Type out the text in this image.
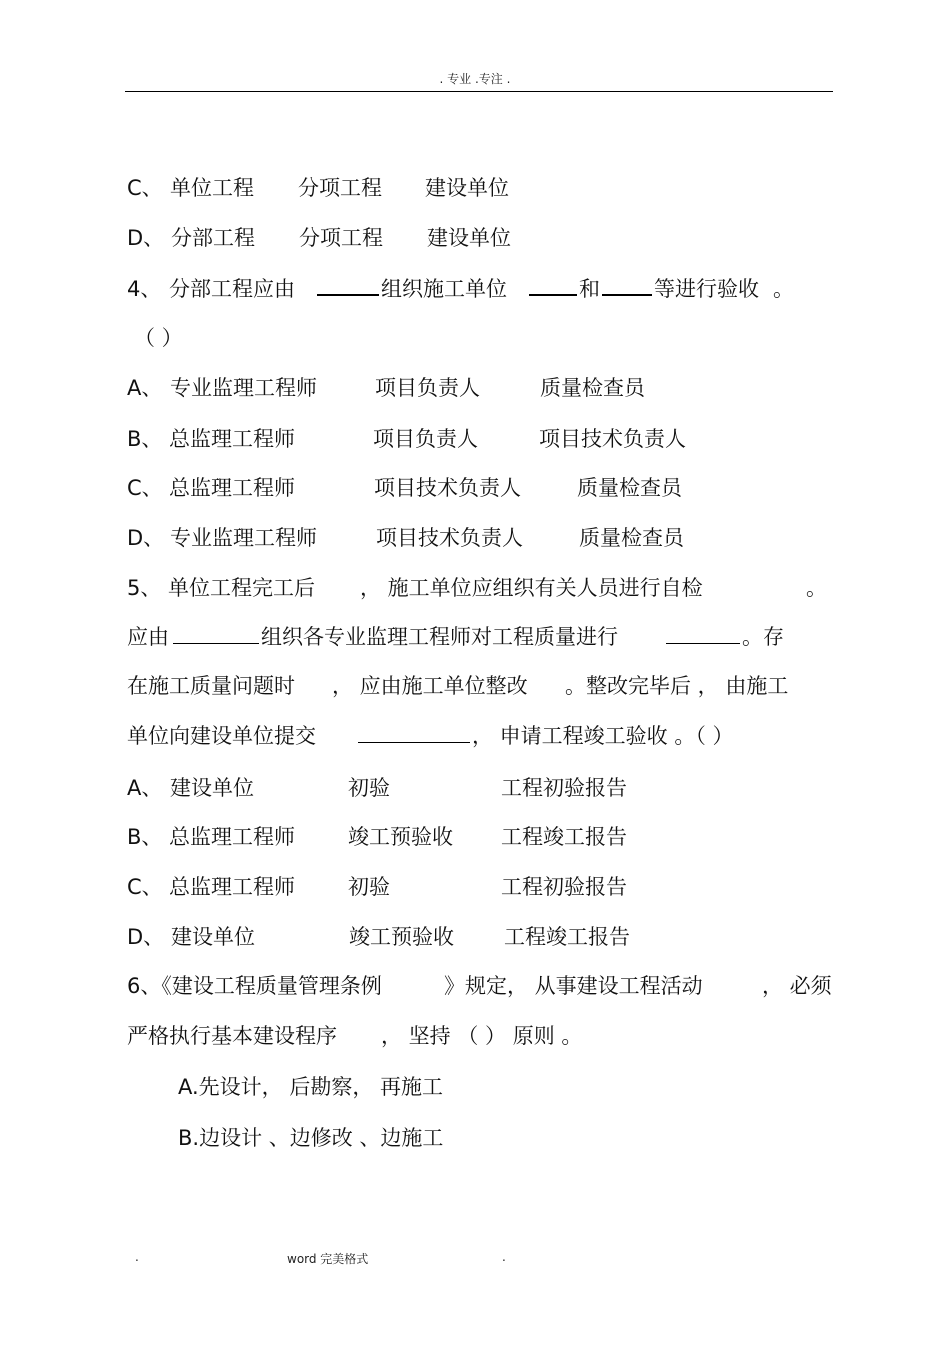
. 专业 .专注 .
C、 单位工程 分项工程 建设单位
D、 分部工程 分项工程 建设单位
4、 分部工程应由	组织施工单位	和	等进行验收 。
（ ）
A、 专业监理工程师	项目负责人	质量检查员
B、 总监理工程师	项目负责人	项目技术负责人
C、 总监理工程师	项目技术负责人	质量检查员
D、 专业监理工程师	项目技术负责人	质量检查员
5、 单位工程完工后 ， 施工单位应组织有关人员进行自检	。
应由	组织各专业监理工程师对工程质量进行	。存
在施工质量问题时 ， 应由施工单位整改 。整改完毕后 ， 由施工
单位向建设单位提交	， 申请工程竣工验收 。（ ）
A、 建设单位	初验	工程初验报告
B、 总监理工程师	竣工预验收 工程竣工报告
C、 总监理工程师	初验	工程初验报告
D、 建设单位	竣工预验收 工程竣工报告
6、《建设工程质量管理条例	》规定， 从事建设工程活动	， 必须
严格执行基本建设程序 ， 坚持 （ ） 原则 。
A.先设计， 后勘察， 再施工
B.边设计 、边修改 、边施工
.	word 完美格式	.
